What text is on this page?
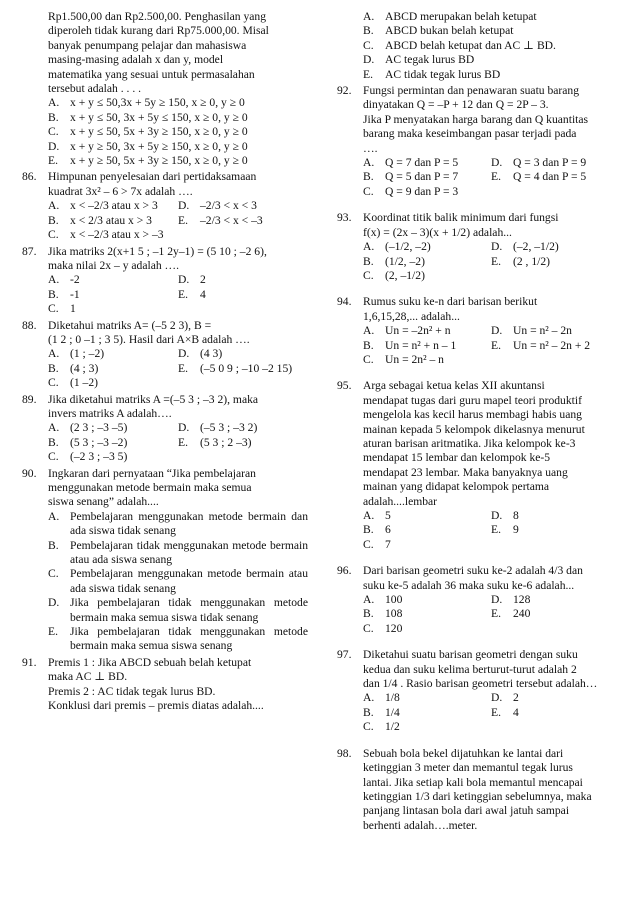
Rp1.500,00 dan Rp2.500,00. Penghasilan yang

diperoleh tidak kurang dari Rp75.000,00. Misal

banyak penumpang pelajar dan mahasiswa

masing-masing adalah x dan y, model

matematika yang sesuai untuk permasalahan

tersebut adalah . . . .

A. x + y ≤ 50,3x + 5y ≥ 150, x ≥ 0, y ≥ 0
B. x + y ≤ 50, 3x + 5y ≤ 150, x ≥ 0, y ≥ 0
C. x + y ≤ 50, 5x + 3y ≥ 150, x ≥ 0, y ≥ 0
D. x + y ≥ 50, 3x + 5y ≥ 150, x ≥ 0, y ≥ 0
E.	x + y ≥ 50, 5x + 3y ≥ 150, x ≥ 0, y ≥ 0
86. Himpunan penyelesaian dari pertidaksamaan

kuadrat 3x² – 6 > 7x adalah ….

A. x < –2/3 atau x > 3 D. –2/3 < x < 3
B. x < 2/3 atau x > 3 E.	–2/3 < x < –3
C. x < –2/3 atau x > –3
87. Jika matriks 2(x+1 5 ; –1 2y–1) = (5 10 ; –2 6),

maka nilai 2x – y adalah ….

A. -2	D. 2
B. -1	E.	4
C. 1
88. Diketahui matriks A= (–5 2 3), B =

(1 2 ; 0 –1 ; 3 5). Hasil dari A×B adalah ….

A. (1 ; –2)	D. (4 3)
B. (4 ; 3)	E.	(–5 0 9 ; –10 –2 15)
C. (1 –2)
89. Jika diketahui matriks A =(–5 3 ; –3 2), maka

invers matriks A adalah….

A. (2 3 ; –3 –5)	D. (–5 3 ; –3 2)
B. (5 3 ; –3 –2)	E.	(5 3 ; 2 –3)
C. (–2 3 ; –3 5)
90. Ingkaran dari pernyataan “Jika pembelajaran

menggunakan metode bermain maka semua

siswa senang” adalah....

A. Pembelajaran menggunakan metode bermain dan ada siswa tidak senang
B. Pembelajaran tidak menggunakan metode bermain atau ada siswa senang
C. Pembelajaran menggunakan metode bermain atau ada siswa tidak senang
D. Jika pembelajaran tidak menggunakan metode bermain maka semua siswa tidak senang
E.	Jika pembelajaran tidak menggunakan metode bermain maka semua siswa senang
91. Premis 1 : Jika ABCD sebuah belah ketupat

maka AC ⊥ BD.

Premis 2 : AC tidak tegak lurus BD.

Konklusi dari premis – premis diatas adalah....

A. ABCD merupakan belah ketupat
B. ABCD bukan belah ketupat
C. ABCD belah ketupat dan AC ⊥ BD.
D. AC tegak lurus BD
E.	AC tidak tegak lurus BD
92. Fungsi permintan dan penawaran suatu barang

dinyatakan Q = –P + 12 dan Q = 2P – 3.

Jika P menyatakan harga barang dan Q kuantitas

barang maka keseimbangan pasar terjadi pada

….

A. Q = 7 dan P = 5	D. Q = 3 dan P = 9
B. Q = 5 dan P = 7	E.	Q = 4 dan P = 5
C. Q = 9 dan P = 3
93. Koordinat titik balik minimum dari fungsi

f(x) = (2x – 3)(x + 1/2) adalah...

A. (–1/2, –2)	D. (–2, –1/2)
B. (1/2, –2)	E.	(2 , 1/2)
C. (2, –1/2)
94. Rumus suku ke-n dari barisan berikut

1,6,15,28,... adalah...

A. Un = –2n² + n	D. Un = n² – 2n
B. Un = n² + n – 1	E.	Un = n² – 2n + 2
C. Un = 2n² – n
95. Arga sebagai ketua kelas XII akuntansi

mendapat tugas dari guru mapel teori produktif

mengelola kas kecil harus membagi habis uang

mainan kepada 5 kelompok dikelasnya menurut

aturan barisan aritmatika. Jika kelompok ke-3

mendapat 15 lembar dan kelompok ke-5

mendapat 23 lembar. Maka banyaknya uang

mainan yang didapat kelompok pertama

adalah....lembar

A. 5	D. 8
B. 6	E.	9
C. 7
96. Dari barisan geometri suku ke-2 adalah 4/3 dan

suku ke-5 adalah 36 maka suku ke-6 adalah...

A. 100	D. 128
B. 108	E.	240
C. 120
97. Diketahui suatu barisan geometri dengan suku

kedua dan suku kelima berturut-turut adalah 2

dan 1/4 . Rasio barisan geometri tersebut adalah…

A. 1/8	D. 2
B. 1/4	E.	4
C. 1/2
98. Sebuah bola bekel dijatuhkan ke lantai dari

ketinggian 3 meter dan memantul tegak lurus

lantai. Jika setiap kali bola memantul mencapai

ketinggian 1/3 dari ketinggian sebelumnya, maka

panjang lintasan bola dari awal jatuh sampai

berhenti adalah….meter.
